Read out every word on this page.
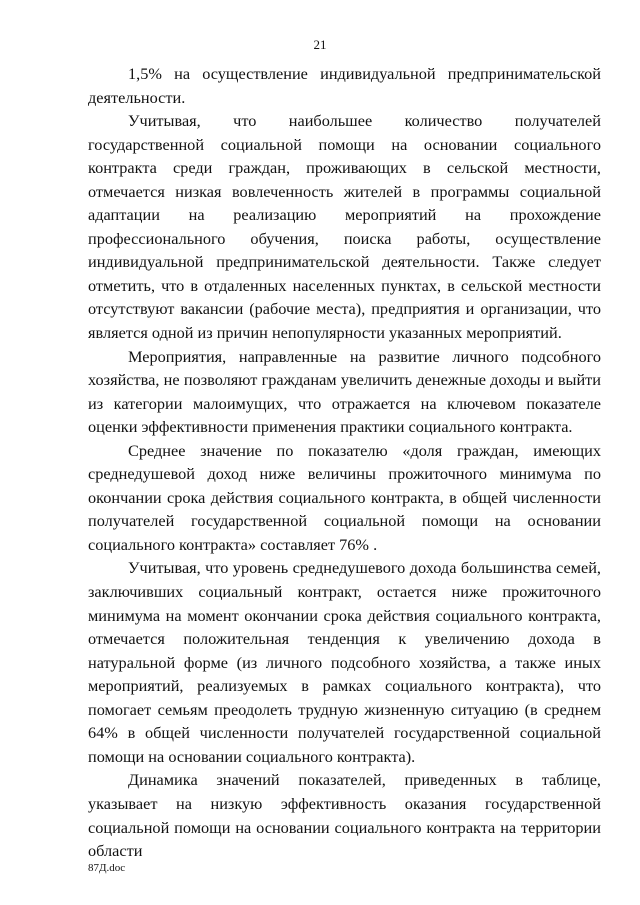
21

1,5% на осуществление индивидуальной предпринимательской деятельности.

Учитывая, что наибольшее количество получателей государственной социальной помощи на основании социального контракта среди граждан, проживающих в сельской местности, отмечается низкая вовлеченность жителей в программы социальной адаптации на реализацию мероприятий на прохождение профессионального обучения, поиска работы, осуществление индивидуальной предпринимательской деятельности. Также следует отметить, что в отдаленных населенных пунктах, в сельской местности отсутствуют вакансии (рабочие места), предприятия и организации, что является одной из причин непопулярности указанных мероприятий.

Мероприятия, направленные на развитие личного подсобного хозяйства, не позволяют гражданам увеличить денежные доходы и выйти из категории малоимущих, что отражается на ключевом показателе оценки эффективности применения практики социального контракта.

Среднее значение по показателю «доля граждан, имеющих среднедушевой доход ниже величины прожиточного минимума по окончании срока действия социального контракта, в общей численности получателей государственной социальной помощи на основании социального контракта» составляет 76% .

Учитывая, что уровень среднедушевого дохода большинства семей, заключивших социальный контракт, остается ниже прожиточного минимума на момент окончании срока действия социального контракта, отмечается положительная тенденция к увеличению дохода в натуральной форме (из личного подсобного хозяйства, а также иных мероприятий, реализуемых в рамках социального контракта), что помогает семьям преодолеть трудную жизненную ситуацию (в среднем 64% в общей численности получателей государственной социальной помощи на основании социального контракта).

Динамика значений показателей, приведенных в таблице, указывает на низкую эффективность оказания государственной социальной помощи на основании социального контракта на территории области

87Д.doc
